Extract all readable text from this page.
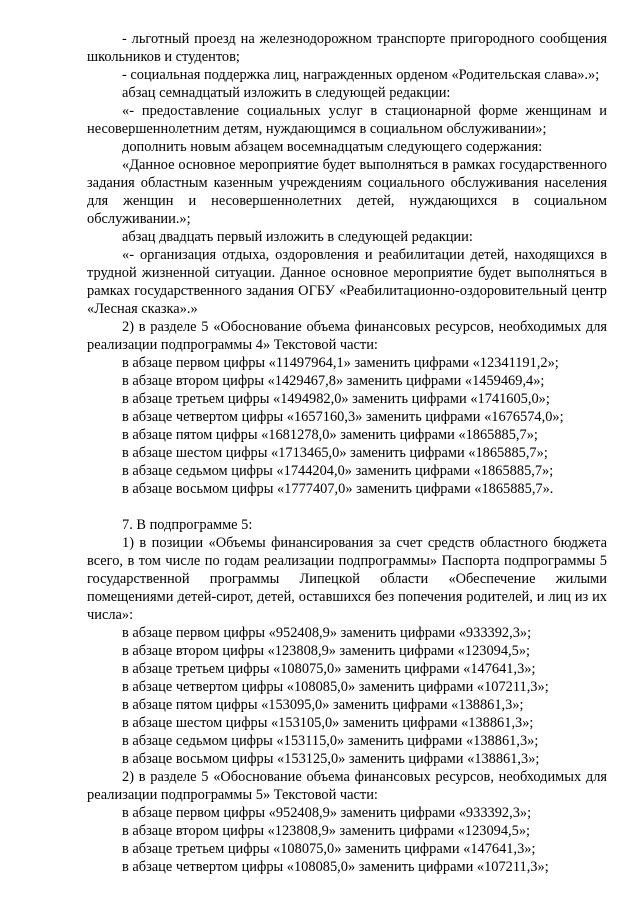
- льготный проезд на железнодорожном транспорте пригородного сообщения школьников и студентов;
- социальная поддержка лиц, награжденных орденом «Родительская слава».»;
абзац семнадцатый изложить в следующей редакции:
«- предоставление социальных услуг в стационарной форме женщинам и несовершеннолетним детям, нуждающимся в социальном обслуживании»;
дополнить новым абзацем восемнадцатым следующего содержания:
«Данное основное мероприятие будет выполняться в рамках государственного задания областным казенным учреждениям социального обслуживания населения для женщин и несовершеннолетних детей, нуждающихся в социальном обслуживании.»;
абзац двадцать первый изложить в следующей редакции:
«- организация отдыха, оздоровления и реабилитации детей, находящихся в трудной жизненной ситуации. Данное основное мероприятие будет выполняться в рамках государственного задания ОГБУ «Реабилитационно-оздоровительный центр «Лесная сказка».»
2) в разделе 5 «Обоснование объема финансовых ресурсов, необходимых для реализации подпрограммы 4» Текстовой части:
в абзаце первом цифры «11497964,1» заменить цифрами «12341191,2»;
в абзаце втором цифры «1429467,8» заменить цифрами «1459469,4»;
в абзаце третьем цифры «1494982,0» заменить цифрами «1741605,0»;
в абзаце четвертом цифры «1657160,3» заменить цифрами «1676574,0»;
в абзаце пятом цифры «1681278,0» заменить цифрами «1865885,7»;
в абзаце шестом цифры «1713465,0» заменить цифрами «1865885,7»;
в абзаце седьмом цифры «1744204,0» заменить цифрами «1865885,7»;
в абзаце восьмом цифры «1777407,0» заменить цифрами «1865885,7».
7. В подпрограмме 5:
1) в позиции «Объемы финансирования за счет средств областного бюджета всего, в том числе по годам реализации подпрограммы» Паспорта подпрограммы 5 государственной программы Липецкой области «Обеспечение жилыми помещениями детей-сирот, детей, оставшихся без попечения родителей, и лиц из их числа»:
в абзаце первом цифры «952408,9» заменить цифрами «933392,3»;
в абзаце втором цифры «123808,9» заменить цифрами «123094,5»;
в абзаце третьем цифры «108075,0» заменить цифрами «147641,3»;
в абзаце четвертом цифры «108085,0» заменить цифрами «107211,3»;
в абзаце пятом цифры «153095,0» заменить цифрами «138861,3»;
в абзаце шестом цифры «153105,0» заменить цифрами «138861,3»;
в абзаце седьмом цифры «153115,0» заменить цифрами «138861,3»;
в абзаце восьмом цифры «153125,0» заменить цифрами «138861,3»;
2) в разделе 5 «Обоснование объема финансовых ресурсов, необходимых для реализации подпрограммы 5» Текстовой части:
в абзаце первом цифры «952408,9» заменить цифрами «933392,3»;
в абзаце втором цифры «123808,9» заменить цифрами «123094,5»;
в абзаце третьем цифры «108075,0» заменить цифрами «147641,3»;
в абзаце четвертом цифры «108085,0» заменить цифрами «107211,3»;
